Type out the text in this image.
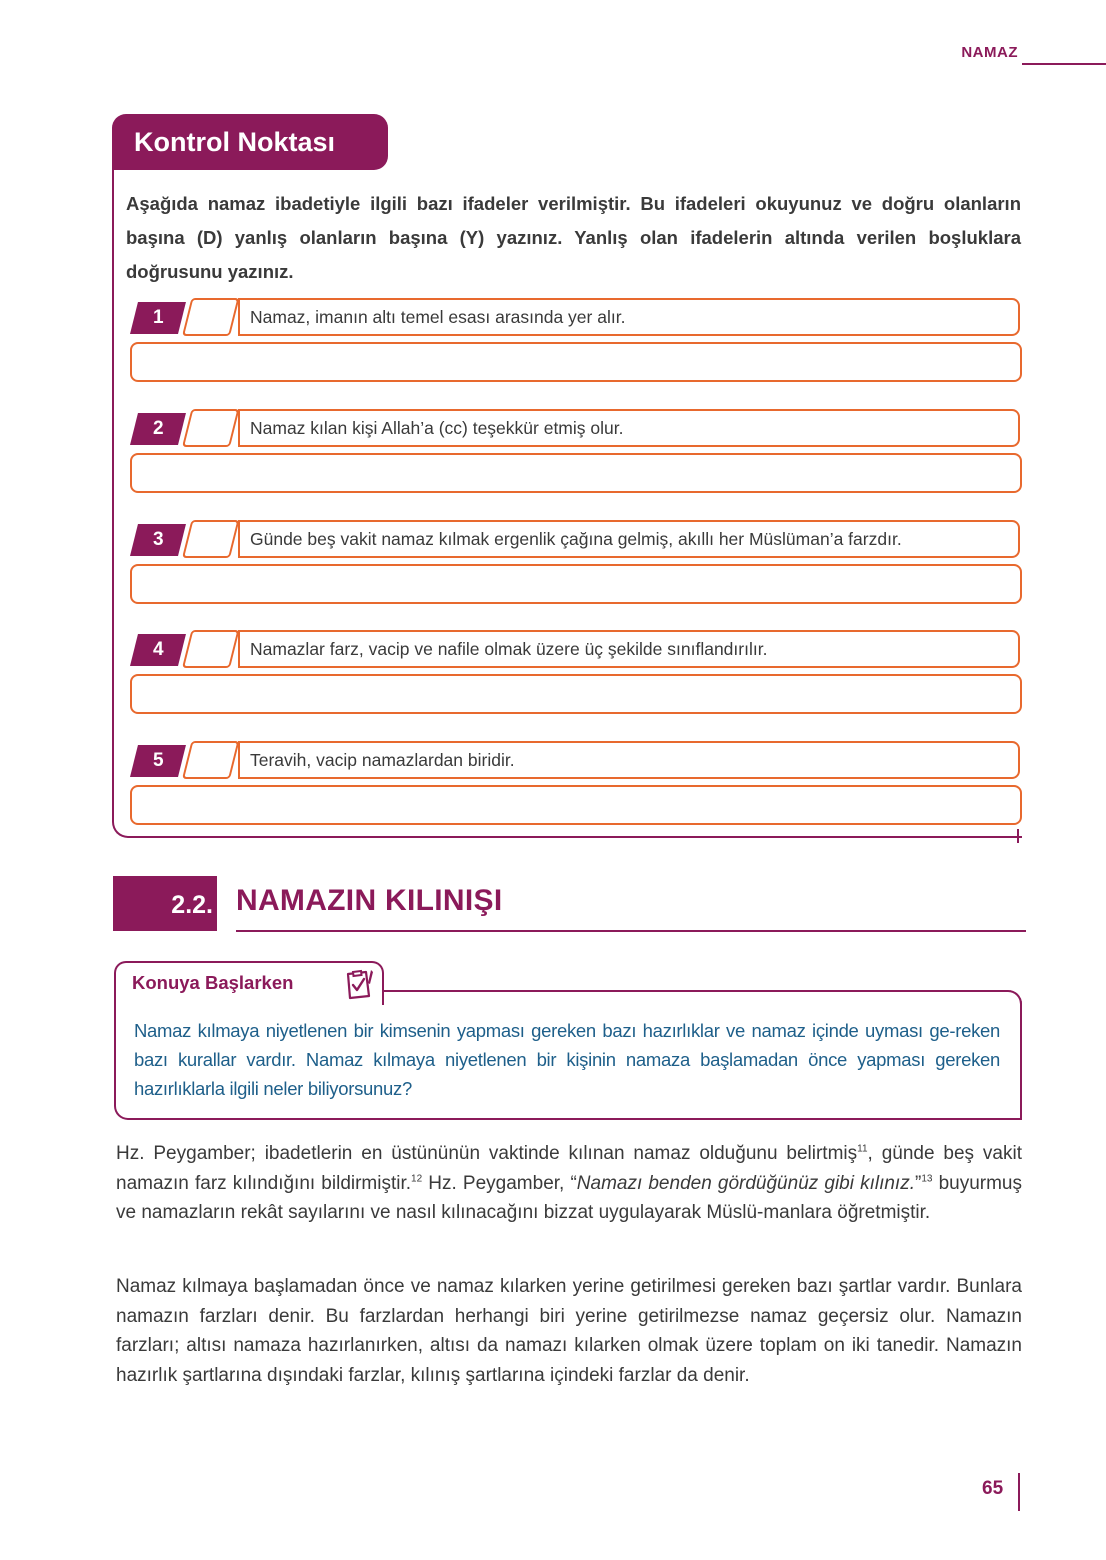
NAMAZ
Kontrol Noktası
Aşağıda namaz ibadetiyle ilgili bazı ifadeler verilmiştir. Bu ifadeleri okuyunuz ve doğru olanların başına (D) yanlış olanların başına (Y) yazınız. Yanlış olan ifadelerin altında verilen boşluklara doğrusunu yazınız.
1	Namaz, imanın altı temel esası arasında yer alır.
2	Namaz kılan kişi Allah’a (cc) teşekkür etmiş olur.
3	Günde beş vakit namaz kılmak ergenlik çağına gelmiş, akıllı her Müslüman’a farzdır.
4	Namazlar farz, vacip ve nafile olmak üzere üç şekilde sınıflandırılır.
5	Teravih, vacip namazlardan biridir.
2.2. NAMAZIN KILINIŞI
Konuya Başlarken
Namaz kılmaya niyetlenen bir kimsenin yapması gereken bazı hazırlıklar ve namaz içinde uyması ge-reken bazı kurallar vardır. Namaz kılmaya niyetlenen bir kişinin namaza başlamadan önce yapması gereken hazırlıklarla ilgili neler biliyorsunuz?
Hz. Peygamber; ibadetlerin en üstününün vaktinde kılınan namaz olduğunu belirtmiş$^{11}$, günde beş vakit namazın farz kılındığını bildirmiştir.$^{12}$ Hz. Peygamber, “Namazı benden gördüğünüz gibi kılınız.”$^{13}$ buyurmuş ve namazların rekât sayılarını ve nasıl kılınacağını bizzat uygulayarak Müslü-manlara öğretmiştir.
Namaz kılmaya başlamadan önce ve namaz kılarken yerine getirilmesi gereken bazı şartlar vardır. Bunlara namazın farzları denir. Bu farzlardan herhangi biri yerine getirilmezse namaz geçersiz olur. Namazın farzları; altısı namaza hazırlanırken, altısı da namazı kılarken olmak üzere toplam on iki tanedir. Namazın hazırlık şartlarına dışındaki farzlar, kılınış şartlarına içindeki farzlar da denir.
65
